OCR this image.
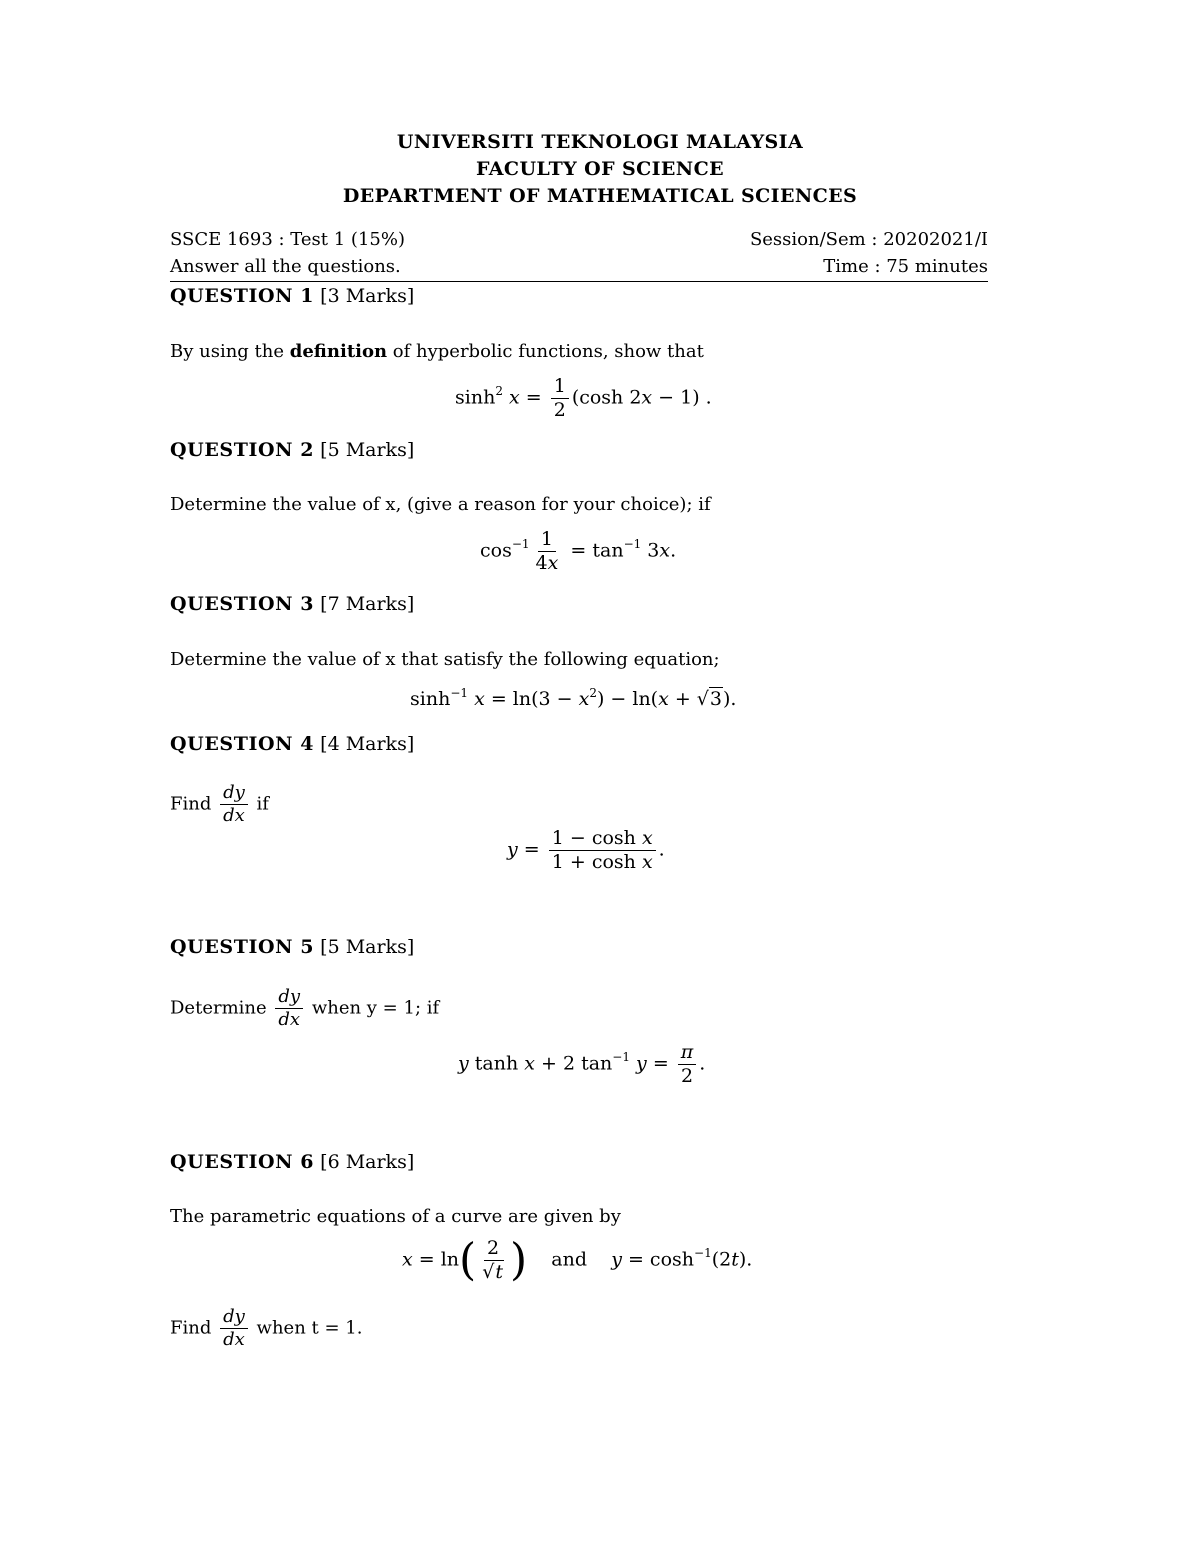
UNIVERSITI TEKNOLOGI MALAYSIA
FACULTY OF SCIENCE
DEPARTMENT OF MATHEMATICAL SCIENCES
SSCE 1693 : Test 1 (15%)	Session/Sem : 20202021/I
Answer all the questions.	Time : 75 minutes
QUESTION 1 [3 Marks]
By using the definition of hyperbolic functions, show that
$\sinh^2 x = \frac{1}{2} (\cosh$ 2x − 1) .
QUESTION 2 [5 Marks]
Determine the value of x, (give a reason for your choice); if
$\cos^{-1} \frac{1}{4x} = \tan^{-1} 3x$.
QUESTION 3 [7 Marks]
Determine the value of x that satisfy the following equation;
$\sinh^{-1} x = \ln(3 - x^2) - \ln(x + √3)$.
QUESTION 4 [4 Marks]
Find $\frac{dy}{dx}$ if
$y = \frac{\text{1 − cosh x}}{\text{1 + cosh x}}$ .
QUESTION 5 [5 Marks]
Determine $\frac{dy}{dx}$ when y = 1; if
y tanh x + 2 $\tan^{-1} y = \frac{\pi}{2}$ .
QUESTION 6 [6 Marks]
The parametric equations of a curve are given by
$x = \ln( \frac{2}{√t}$ ) and $y = \cosh^{-1}(2t)$.
Find $\frac{dy}{dx}$ when t = 1.
